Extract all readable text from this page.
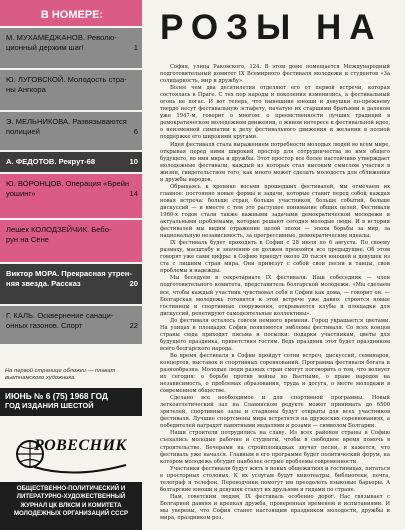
В НОМЕРЕ:
М. МУХАМЕДЖАНОВ. Револю-
ционный держим шаг!	1
Ю. ЛУГОВСКОЙ. Молодость стра-
ны Ангкора
Э. МЕЛЬНИКОВА. Развязываются
полицией	6
А. ФЕДОТОВ. Рекрут-68	10
Ю. ВОРОНЦОВ. Операция «Брейн
уошинг»	14
Лешек КОЛОДЗЕЙЧИК. Бебо-
рун на Сене
Виктор МОРА. Прекрасная утрен-
няя звезда. Рассказ	20
Г. КАЛЬ. Осквернение санаци-
онных газонов. Спорт	22
На первой странице обложки — плакат вьетнамского художника.
ИЮНЬ № 6 (75) 1968 ГОД
ГОД ИЗДАНИЯ ШЕСТОЙ
РОВЕСНИК
ОБЩЕСТВЕННО-ПОЛИТИЧЕСКИЙ И ЛИТЕРАТУРНО-ХУДОЖЕСТВЕННЫЙ ЖУРНАЛ ЦК ВЛКСМ И КОМИТЕТА МОЛОДЕЖНЫХ ОРГАНИЗАЦИЙ СССР
РОЗЫ НА

София, улица Раковского, 124. В этом доме помещается Международный подготовительный комитет IX Всемирного фестиваля молодежи и студентов «За солидарность, мир и дружбу».

Более чем два десятилетия отделяют его от первой встречи, которая состоялась в Праге. С тех пор народы и поколения изменились, а фестивальный огонь не погас. И вот теперь, что нынешние юноши и девушки по-прежнему твердо несут фестивальную эстафету, начатую их старшими братьями в далеком уже 1947-м, говорит о многом: о преемственности лучших традиций в демократическом молодежном движении, о живом интересе к фестивальной идее, о неизменной симпатии к делу фестивального движения и желании в полной поддержке его широкими кругами.

Идея фестиваля стала выражением потребности молодых людей во всем мире, открывая перед ними широкий простор для сотрудничества во имя общего будущего, во имя мира и дружбы. Этот простор все более настойчиво утверждает молодежные фестивали, каждый из которых стал высоким смыслом участия в жизни, свидетельством того, как много может сделать молодость для сближения и дружбы народов.

Обращаясь к хронике восьми прошедших фестивалей, мы отмечаем их главное: постоянно новые формы и задачи, которые ставит перед собой каждая новая встреча: больше стран, больше участников, больше событий, больше дискуссий — и вместе с тем это растущее понимание общих целей. Фестивали 1960-х годов стали также важными задачами демократической молодежи и актуальными проблемами, которые решают сегодня молодые люди. И в истории фестивалей мы видим отражение целой эпохи — эпохи борьбы за мир, за национальную независимость, за прогрессивные, демократические идеалы.

IX фестиваль будет проходить в Софии с 28 июля по 6 августа. По своему размаху, масштабу и значению он должен превзойти все предыдущие. Об этом говорят уже сами цифры: в Софию приедут около 20 тысяч юношей и девушек из ста с лишним стран мира. Они привезут с собой свои песни и танцы, свои проблемы и надежды.

Мы беседуем в секретариате IX фестиваля. Наш собеседник — член подготовительного комитета, представитель болгарской молодежи. «Мы сделаем все, чтобы каждый участник чувствовал себя в Софии как дома, — говорит он. — Болгарская молодежь готовится к этой встрече уже давно: строятся новые гостиницы и спортивные сооружения, открываются клубы и площадки для дискуссий, репетируют самодеятельные коллективы».

До фестиваля осталось совсем немного времени. Город украшается цветами. На улицах и площадях Софии появляются эмблемы фестиваля. Со всех концов страны сюда приходят письма и посылки: подарки участникам, цветы для будущего праздника, приветствия гостям. Ведь праздник этот будет праздником всего болгарского народа.

Во время фестиваля в Софии пройдут сотни встреч, дискуссий, семинаров, концертов, выставок и спортивных соревнований. Программа фестиваля богата и разнообразна. Молодые люди разных стран смогут поговорить о том, что волнует их сегодня: о борьбе против войны во Вьетнаме, о праве народов на независимость, о проблемах образования, труда и досуга, о месте молодежи в современном обществе.

Сделано все необходимое и для спортивной программы. Новый легкоатлетический зал на Славянском редукте может принимать до 6500 зрителей, спортивные залы и стадионы будут открыты для всех участников фестиваля. Лучшие спортсмены мира встретятся на дружеских соревнованиях, а победителей наградят памятными медалями и розами — символом Болгарии.

Наши строители потрудились на славу. Из всех районов страны в Софию съехались молодые рабочие и студенты, чтобы в свободное время помочь в строительстве. Вечерами на стройплощадках звучат песни, и кажется, что фестиваль уже начался. Главным в его программе будет политический форум, на котором молодежь обсудит наиболее острые проблемы современности.

Участники фестиваля будут жить в новых общежитиях и гостиницах, питаться в просторных столовых. К их услугам будут кинотеатры, библиотеки, почта, телеграф и телефон. Переводчики помогут им преодолеть языковые барьеры. А болгарские юноши и девушки станут их друзьями и гидами по стране.

Нам, советским людям, IX фестиваль особенно дорог. Нас связывает с Болгарией давняя и крепкая дружба, проверенная временем и испытаниями. И мы уверены, что София станет настоящим праздником молодости, дружбы и мира, праздником роз.
